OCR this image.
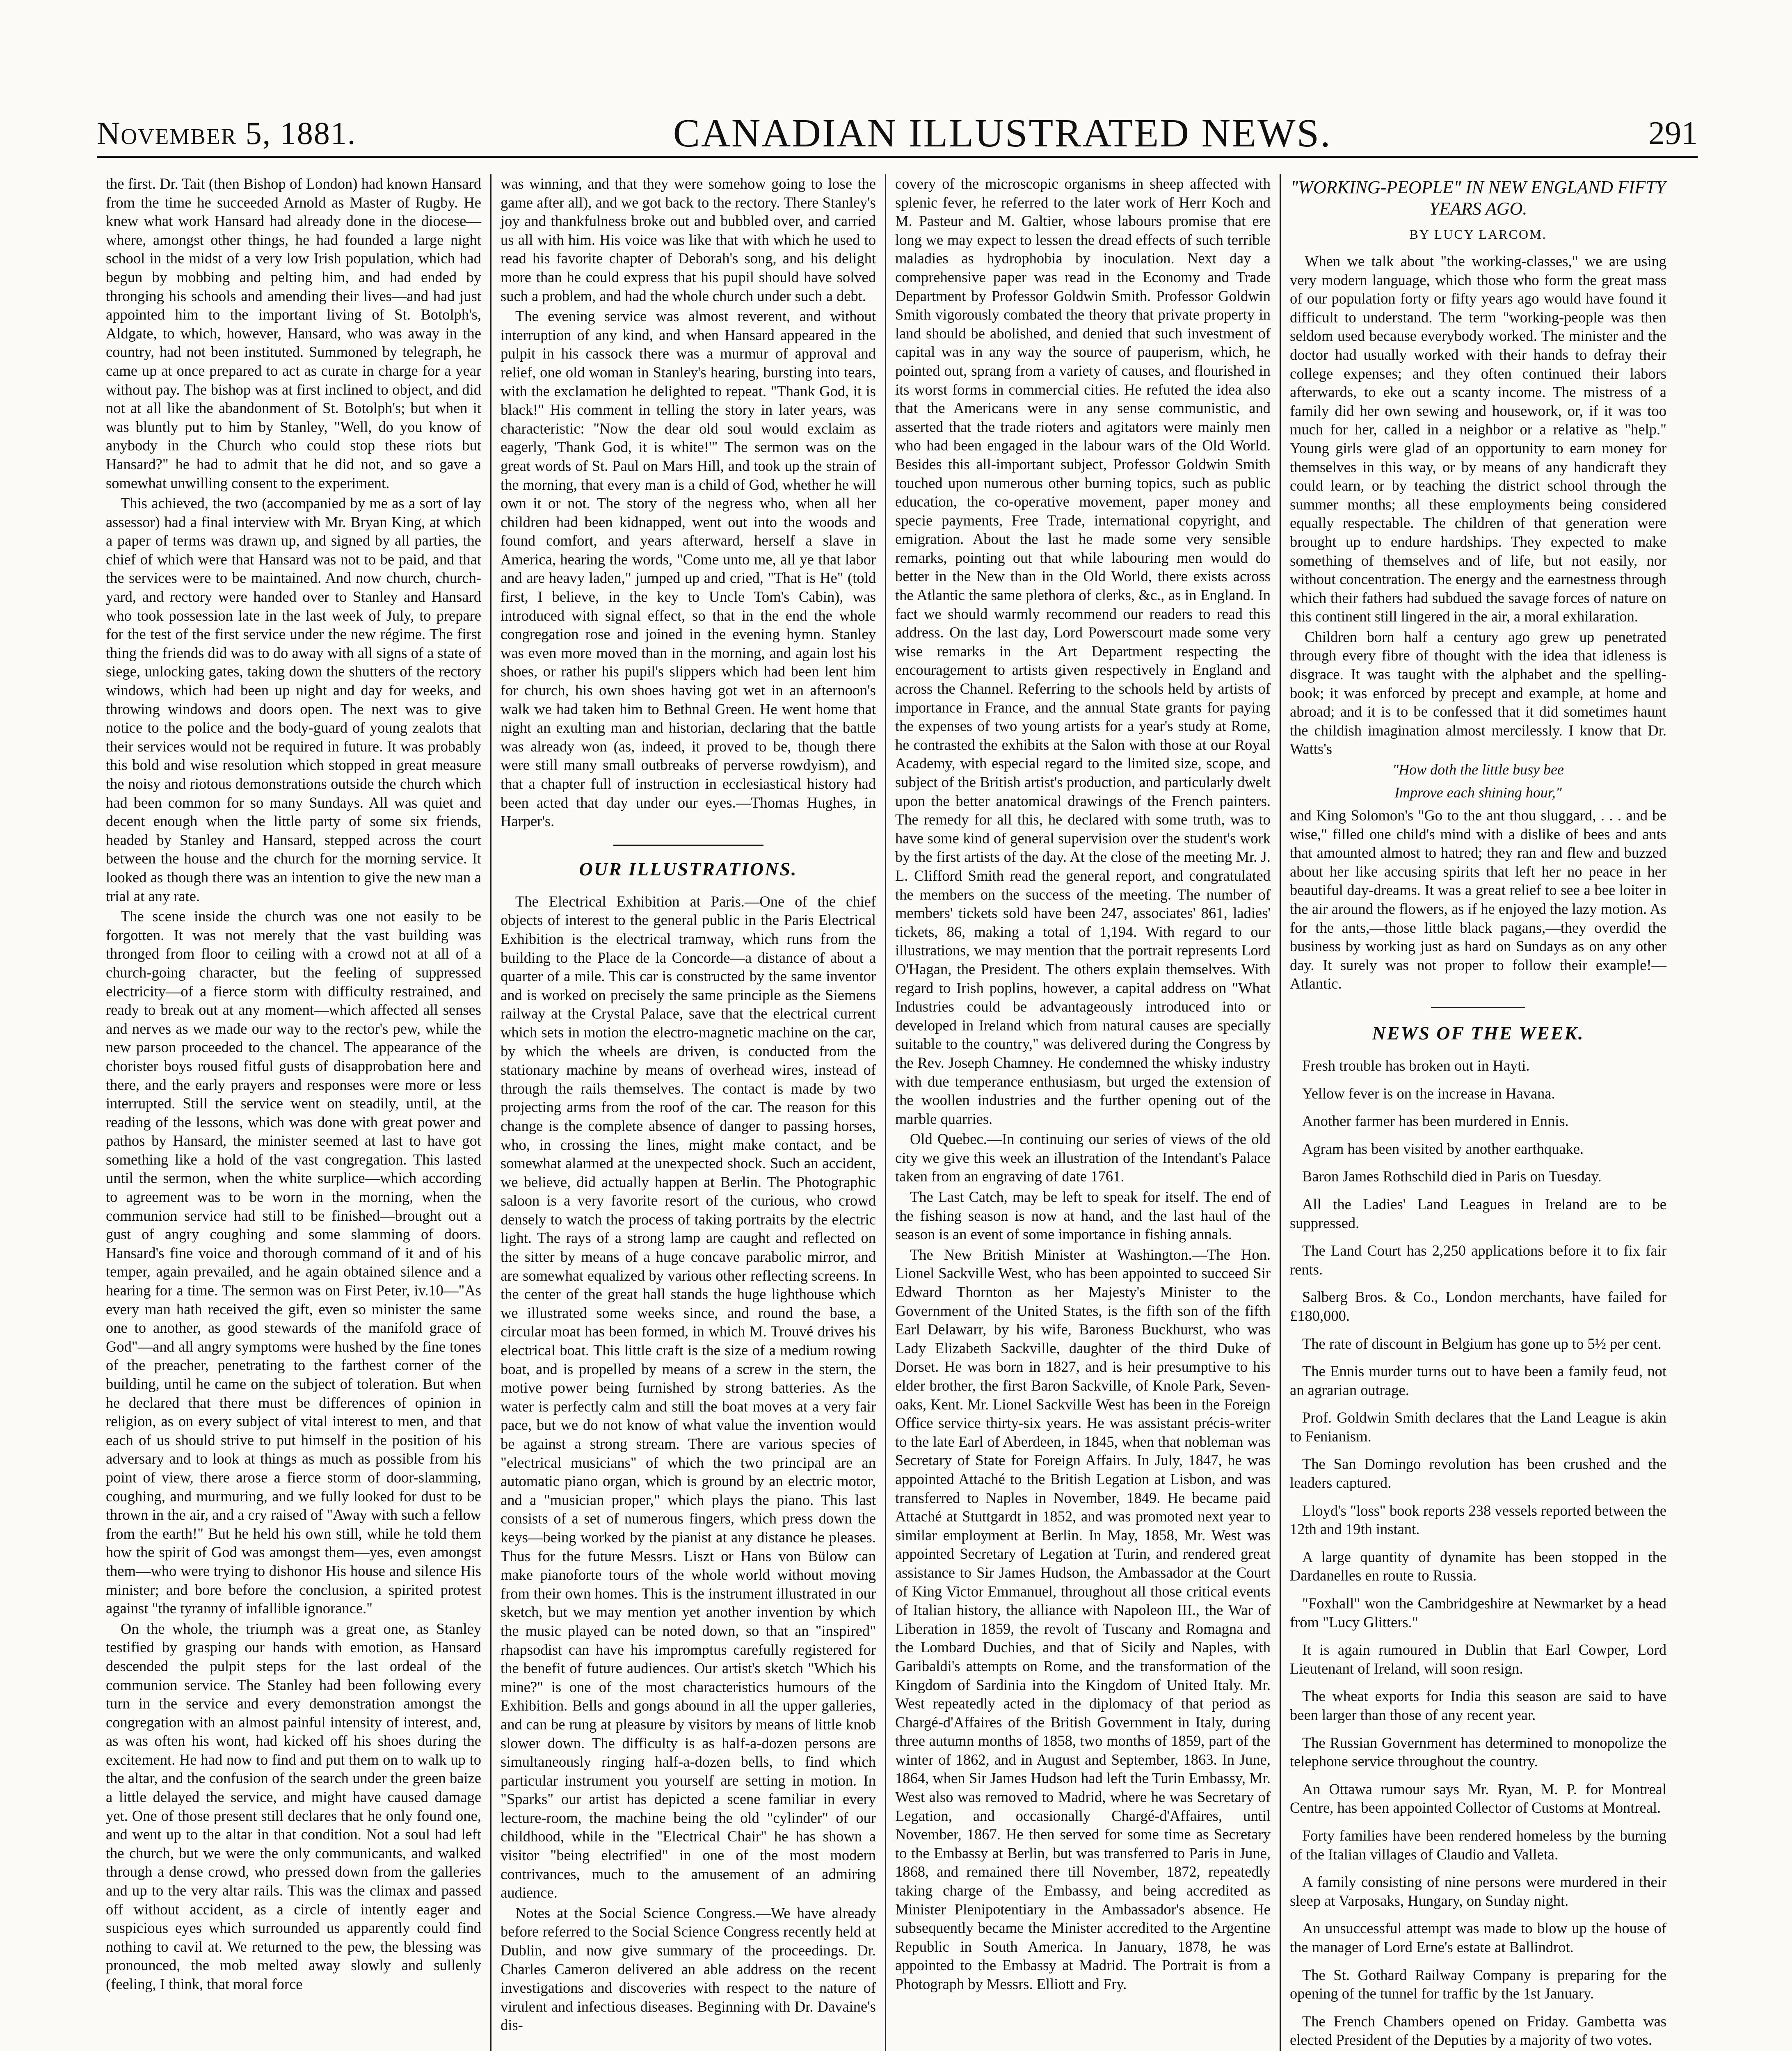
November 5, 1881.	CANADIAN ILLUSTRATED NEWS.	291

the first. Dr. Tait (then Bishop of London) had known Hansard from the time he succeeded Arnold as Master of Rugby. He knew what work Hansard had already done in the diocese—where, amongst other things, he had founded a large night school in the midst of a very low Irish population, which had begun by mobbing and pelting him, and had ended by thronging his schools and amending their lives—and had just appointed him to the important living of St. Botolph's, Aldgate, to which, however, Hansard, who was away in the country, had not been instituted. Summoned by telegraph, he came up at once prepared to act as curate in charge for a year without pay. The bishop was at first inclined to object, and did not at all like the abandonment of St. Botolph's; but when it was bluntly put to him by Stanley, "Well, do you know of anybody in the Church who could stop these riots but Hansard?" he had to admit that he did not, and so gave a somewhat unwilling consent to the experiment.

This achieved, the two (accompanied by me as a sort of lay assessor) had a final interview with Mr. Bryan King, at which a paper of terms was drawn up, and signed by all parties, the chief of which were that Hansard was not to be paid, and that the services were to be maintained. And now church, church-yard, and rectory were handed over to Stanley and Hansard who took possession late in the last week of July, to prepare for the test of the first service under the new régime. The first thing the friends did was to do away with all signs of a state of siege, unlocking gates, taking down the shutters of the rectory windows, which had been up night and day for weeks, and throwing windows and doors open. The next was to give notice to the police and the body-guard of young zealots that their services would not be required in future. It was probably this bold and wise resolution which stopped in great measure the noisy and riotous demonstrations outside the church which had been common for so many Sundays. All was quiet and decent enough when the little party of some six friends, headed by Stanley and Hansard, stepped across the court between the house and the church for the morning service. It looked as though there was an intention to give the new man a trial at any rate.

The scene inside the church was one not easily to be forgotten. It was not merely that the vast building was thronged from floor to ceiling with a crowd not at all of a church-going character, but the feeling of suppressed electricity—of a fierce storm with difficulty restrained, and ready to break out at any moment—which affected all senses and nerves as we made our way to the rector's pew, while the new parson proceeded to the chancel. The appearance of the chorister boys roused fitful gusts of disapprobation here and there, and the early prayers and responses were more or less interrupted. Still the service went on steadily, until, at the reading of the lessons, which was done with great power and pathos by Hansard, the minister seemed at last to have got something like a hold of the vast congregation. This lasted until the sermon, when the white surplice—which according to agreement was to be worn in the morning, when the communion service had still to be finished—brought out a gust of angry coughing and some slamming of doors. Hansard's fine voice and thorough command of it and of his temper, again prevailed, and he again obtained silence and a hearing for a time. The sermon was on First Peter, iv.10—"As every man hath received the gift, even so minister the same one to another, as good stewards of the manifold grace of God"—and all angry symptoms were hushed by the fine tones of the preacher, penetrating to the farthest corner of the building, until he came on the subject of toleration. But when he declared that there must be differences of opinion in religion, as on every subject of vital interest to men, and that each of us should strive to put himself in the position of his adversary and to look at things as much as possible from his point of view, there arose a fierce storm of door-slamming, coughing, and murmuring, and we fully looked for dust to be thrown in the air, and a cry raised of "Away with such a fellow from the earth!" But he held his own still, while he told them how the spirit of God was amongst them—yes, even amongst them—who were trying to dishonor His house and silence His minister; and bore before the conclusion, a spirited protest against "the tyranny of infallible ignorance."

On the whole, the triumph was a great one, as Stanley testified by grasping our hands with emotion, as Hansard descended the pulpit steps for the last ordeal of the communion service. The Stanley had been following every turn in the service and every demonstration amongst the congregation with an almost painful intensity of interest, and, as was often his wont, had kicked off his shoes during the excitement. He had now to find and put them on to walk up to the altar, and the confusion of the search under the green baize a little delayed the service, and might have caused damage yet. One of those present still declares that he only found one, and went up to the altar in that condition. Not a soul had left the church, but we were the only communicants, and walked through a dense crowd, who pressed down from the galleries and up to the very altar rails. This was the climax and passed off without accident, as a circle of intently eager and suspicious eyes which surrounded us apparently could find nothing to cavil at. We returned to the pew, the blessing was pronounced, the mob melted away slowly and sullenly (feeling, I think, that moral force

was winning, and that they were somehow going to lose the game after all), and we got back to the rectory. There Stanley's joy and thankfulness broke out and bubbled over, and carried us all with him. His voice was like that with which he used to read his favorite chapter of Deborah's song, and his delight more than he could express that his pupil should have solved such a problem, and had the whole church under such a debt.

The evening service was almost reverent, and without interruption of any kind, and when Hansard appeared in the pulpit in his cassock there was a murmur of approval and relief, one old woman in Stanley's hearing, bursting into tears, with the exclamation he delighted to repeat. "Thank God, it is black!" His comment in telling the story in later years, was characteristic: "Now the dear old soul would exclaim as eagerly, 'Thank God, it is white!'" The sermon was on the great words of St. Paul on Mars Hill, and took up the strain of the morning, that every man is a child of God, whether he will own it or not. The story of the negress who, when all her children had been kidnapped, went out into the woods and found comfort, and years afterward, herself a slave in America, hearing the words, "Come unto me, all ye that labor and are heavy laden," jumped up and cried, "That is He" (told first, I believe, in the key to Uncle Tom's Cabin), was introduced with signal effect, so that in the end the whole congregation rose and joined in the evening hymn. Stanley was even more moved than in the morning, and again lost his shoes, or rather his pupil's slippers which had been lent him for church, his own shoes having got wet in an afternoon's walk we had taken him to Bethnal Green. He went home that night an exulting man and historian, declaring that the battle was already won (as, indeed, it proved to be, though there were still many small outbreaks of perverse rowdyism), and that a chapter full of instruction in ecclesiastical history had been acted that day under our eyes.—Thomas Hughes, in Harper's.

OUR ILLUSTRATIONS.

The Electrical Exhibition at Paris.—One of the chief objects of interest to the general public in the Paris Electrical Exhibition is the electrical tramway, which runs from the building to the Place de la Concorde—a distance of about a quarter of a mile. This car is constructed by the same inventor and is worked on precisely the same principle as the Siemens railway at the Crystal Palace, save that the electrical current which sets in motion the electro-magnetic machine on the car, by which the wheels are driven, is conducted from the stationary machine by means of overhead wires, instead of through the rails themselves. The contact is made by two projecting arms from the roof of the car. The reason for this change is the complete absence of danger to passing horses, who, in crossing the lines, might make contact, and be somewhat alarmed at the unexpected shock. Such an accident, we believe, did actually happen at Berlin. The Photographic saloon is a very favorite resort of the curious, who crowd densely to watch the process of taking portraits by the electric light. The rays of a strong lamp are caught and reflected on the sitter by means of a huge concave parabolic mirror, and are somewhat equalized by various other reflecting screens. In the center of the great hall stands the huge lighthouse which we illustrated some weeks since, and round the base, a circular moat has been formed, in which M. Trouvé drives his electrical boat. This little craft is the size of a medium rowing boat, and is propelled by means of a screw in the stern, the motive power being furnished by strong batteries. As the water is perfectly calm and still the boat moves at a very fair pace, but we do not know of what value the invention would be against a strong stream. There are various species of "electrical musicians" of which the two principal are an automatic piano organ, which is ground by an electric motor, and a "musician proper," which plays the piano. This last consists of a set of numerous fingers, which press down the keys—being worked by the pianist at any distance he pleases. Thus for the future Messrs. Liszt or Hans von Bülow can make pianoforte tours of the whole world without moving from their own homes. This is the instrument illustrated in our sketch, but we may mention yet another invention by which the music played can be noted down, so that an "inspired" rhapsodist can have his impromptus carefully registered for the benefit of future audiences. Our artist's sketch "Which his mine?" is one of the most characteristics humours of the Exhibition. Bells and gongs abound in all the upper galleries, and can be rung at pleasure by visitors by means of little knob slower down. The difficulty is as half-a-dozen persons are simultaneously ringing half-a-dozen bells, to find which particular instrument you yourself are setting in motion. In "Sparks" our artist has depicted a scene familiar in every lecture-room, the machine being the old "cylinder" of our childhood, while in the "Electrical Chair" he has shown a visitor "being electrified" in one of the most modern contrivances, much to the amusement of an admiring audience.

Notes at the Social Science Congress.—We have already before referred to the Social Science Congress recently held at Dublin, and now give summary of the proceedings. Dr. Charles Cameron delivered an able address on the recent investigations and discoveries with respect to the nature of virulent and infectious diseases. Beginning with Dr. Davaine's dis-

covery of the microscopic organisms in sheep affected with splenic fever, he referred to the later work of Herr Koch and M. Pasteur and M. Galtier, whose labours promise that ere long we may expect to lessen the dread effects of such terrible maladies as hydrophobia by inoculation. Next day a comprehensive paper was read in the Economy and Trade Department by Professor Goldwin Smith. Professor Goldwin Smith vigorously combated the theory that private property in land should be abolished, and denied that such investment of capital was in any way the source of pauperism, which, he pointed out, sprang from a variety of causes, and flourished in its worst forms in commercial cities. He refuted the idea also that the Americans were in any sense communistic, and asserted that the trade rioters and agitators were mainly men who had been engaged in the labour wars of the Old World. Besides this all-important subject, Professor Goldwin Smith touched upon numerous other burning topics, such as public education, the co-operative movement, paper money and specie payments, Free Trade, international copyright, and emigration. About the last he made some very sensible remarks, pointing out that while labouring men would do better in the New than in the Old World, there exists across the Atlantic the same plethora of clerks, &c., as in England. In fact we should warmly recommend our readers to read this address. On the last day, Lord Powerscourt made some very wise remarks in the Art Department respecting the encouragement to artists given respectively in England and across the Channel. Referring to the schools held by artists of importance in France, and the annual State grants for paying the expenses of two young artists for a year's study at Rome, he contrasted the exhibits at the Salon with those at our Royal Academy, with especial regard to the limited size, scope, and subject of the British artist's production, and particularly dwelt upon the better anatomical drawings of the French painters. The remedy for all this, he declared with some truth, was to have some kind of general supervision over the student's work by the first artists of the day. At the close of the meeting Mr. J. L. Clifford Smith read the general report, and congratulated the members on the success of the meeting. The number of members' tickets sold have been 247, associates' 861, ladies' tickets, 86, making a total of 1,194. With regard to our illustrations, we may mention that the portrait represents Lord O'Hagan, the President. The others explain themselves. With regard to Irish poplins, however, a capital address on "What Industries could be advantageously introduced into or developed in Ireland which from natural causes are specially suitable to the country," was delivered during the Congress by the Rev. Joseph Chamney. He condemned the whisky industry with due temperance enthusiasm, but urged the extension of the woollen industries and the further opening out of the marble quarries.

Old Quebec.—In continuing our series of views of the old city we give this week an illustration of the Intendant's Palace taken from an engraving of date 1761.

The Last Catch, may be left to speak for itself. The end of the fishing season is now at hand, and the last haul of the season is an event of some importance in fishing annals.

The New British Minister at Washington.—The Hon. Lionel Sackville West, who has been appointed to succeed Sir Edward Thornton as her Majesty's Minister to the Government of the United States, is the fifth son of the fifth Earl Delawarr, by his wife, Baroness Buckhurst, who was Lady Elizabeth Sackville, daughter of the third Duke of Dorset. He was born in 1827, and is heir presumptive to his elder brother, the first Baron Sackville, of Knole Park, Seven-oaks, Kent. Mr. Lionel Sackville West has been in the Foreign Office service thirty-six years. He was assistant précis-writer to the late Earl of Aberdeen, in 1845, when that nobleman was Secretary of State for Foreign Affairs. In July, 1847, he was appointed Attaché to the British Legation at Lisbon, and was transferred to Naples in November, 1849. He became paid Attaché at Stuttgardt in 1852, and was promoted next year to similar employment at Berlin. In May, 1858, Mr. West was appointed Secretary of Legation at Turin, and rendered great assistance to Sir James Hudson, the Ambassador at the Court of King Victor Emmanuel, throughout all those critical events of Italian history, the alliance with Napoleon III., the War of Liberation in 1859, the revolt of Tuscany and Romagna and the Lombard Duchies, and that of Sicily and Naples, with Garibaldi's attempts on Rome, and the transformation of the Kingdom of Sardinia into the Kingdom of United Italy. Mr. West repeatedly acted in the diplomacy of that period as Chargé-d'Affaires of the British Government in Italy, during three autumn months of 1858, two months of 1859, part of the winter of 1862, and in August and September, 1863. In June, 1864, when Sir James Hudson had left the Turin Embassy, Mr. West also was removed to Madrid, where he was Secretary of Legation, and occasionally Chargé-d'Affaires, until November, 1867. He then served for some time as Secretary to the Embassy at Berlin, but was transferred to Paris in June, 1868, and remained there till November, 1872, repeatedly taking charge of the Embassy, and being accredited as Minister Plenipotentiary in the Ambassador's absence. He subsequently became the Minister accredited to the Argentine Republic in South America. In January, 1878, he was appointed to the Embassy at Madrid. The Portrait is from a Photograph by Messrs. Elliott and Fry.

"WORKING-PEOPLE" IN NEW ENGLAND FIFTY YEARS AGO.
BY LUCY LARCOM.

When we talk about "the working-classes," we are using very modern language, which those who form the great mass of our population forty or fifty years ago would have found it difficult to understand. The term "working-people was then seldom used because everybody worked. The minister and the doctor had usually worked with their hands to defray their college expenses; and they often continued their labors afterwards, to eke out a scanty income. The mistress of a family did her own sewing and housework, or, if it was too much for her, called in a neighbor or a relative as "help." Young girls were glad of an opportunity to earn money for themselves in this way, or by means of any handicraft they could learn, or by teaching the district school through the summer months; all these employments being considered equally respectable. The children of that generation were brought up to endure hardships. They expected to make something of themselves and of life, but not easily, nor without concentration. The energy and the earnestness through which their fathers had subdued the savage forces of nature on this continent still lingered in the air, a moral exhilaration.

Children born half a century ago grew up penetrated through every fibre of thought with the idea that idleness is disgrace. It was taught with the alphabet and the spelling-book; it was enforced by precept and example, at home and abroad; and it is to be confessed that it did sometimes haunt the childish imagination almost mercilessly. I know that Dr. Watts's

"How doth the little busy bee
Improve each shining hour,"

and King Solomon's "Go to the ant thou sluggard, . . . and be wise," filled one child's mind with a dislike of bees and ants that amounted almost to hatred; they ran and flew and buzzed about her like accusing spirits that left her no peace in her beautiful day-dreams. It was a great relief to see a bee loiter in the air around the flowers, as if he enjoyed the lazy motion. As for the ants,—those little black pagans,—they overdid the business by working just as hard on Sundays as on any other day. It surely was not proper to follow their example!—Atlantic.

NEWS OF THE WEEK.

Fresh trouble has broken out in Hayti.

Yellow fever is on the increase in Havana.

Another farmer has been murdered in Ennis.

Agram has been visited by another earthquake.

Baron James Rothschild died in Paris on Tuesday.

All the Ladies' Land Leagues in Ireland are to be suppressed.

The Land Court has 2,250 applications before it to fix fair rents.

Salberg Bros. & Co., London merchants, have failed for £180,000.

The rate of discount in Belgium has gone up to 5½ per cent.

The Ennis murder turns out to have been a family feud, not an agrarian outrage.

Prof. Goldwin Smith declares that the Land League is akin to Fenianism.

The San Domingo revolution has been crushed and the leaders captured.

Lloyd's "loss" book reports 238 vessels reported between the 12th and 19th instant.

A large quantity of dynamite has been stopped in the Dardanelles en route to Russia.

"Foxhall" won the Cambridgeshire at Newmarket by a head from "Lucy Glitters."

It is again rumoured in Dublin that Earl Cowper, Lord Lieutenant of Ireland, will soon resign.

The wheat exports for India this season are said to have been larger than those of any recent year.

The Russian Government has determined to monopolize the telephone service throughout the country.

An Ottawa rumour says Mr. Ryan, M. P. for Montreal Centre, has been appointed Collector of Customs at Montreal.

Forty families have been rendered homeless by the burning of the Italian villages of Claudio and Valleta.

A family consisting of nine persons were murdered in their sleep at Varposaks, Hungary, on Sunday night.

An unsuccessful attempt was made to blow up the house of the manager of Lord Erne's estate at Ballindrot.

The St. Gothard Railway Company is preparing for the opening of the tunnel for traffic by the 1st January.

The French Chambers opened on Friday. Gambetta was elected President of the Deputies by a majority of two votes.
